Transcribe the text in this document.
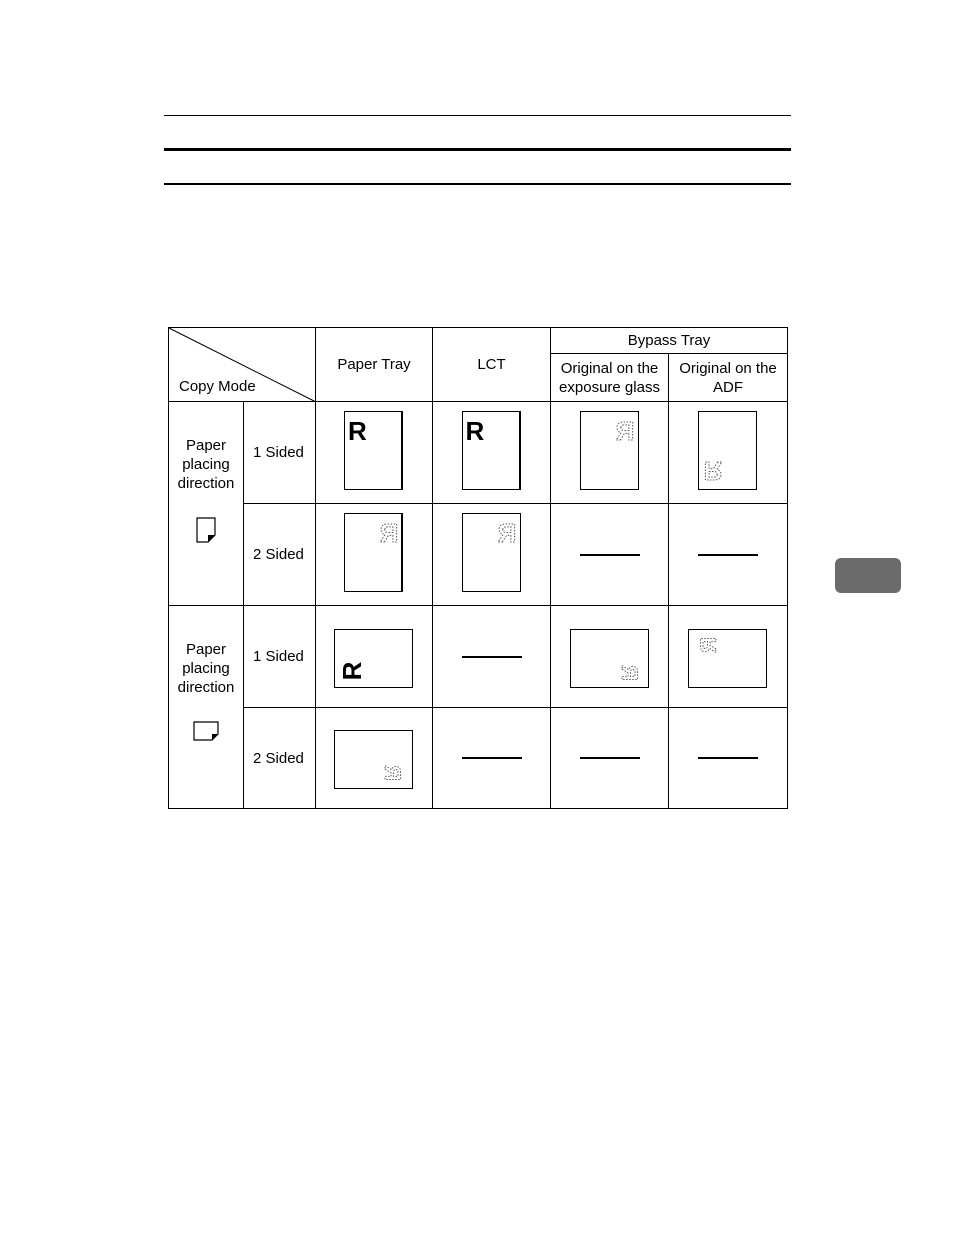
Copy Mode		Paper Tray	LCT	Bypass Tray	
				Original on the exposure glass	Original on the ADF

Paper
placing
direction	1 Sided	R	R	R	R

	2 Sided	R	R		

Paper
placing
direction	1 Sided	R		R	R

	2 Sided	R			
